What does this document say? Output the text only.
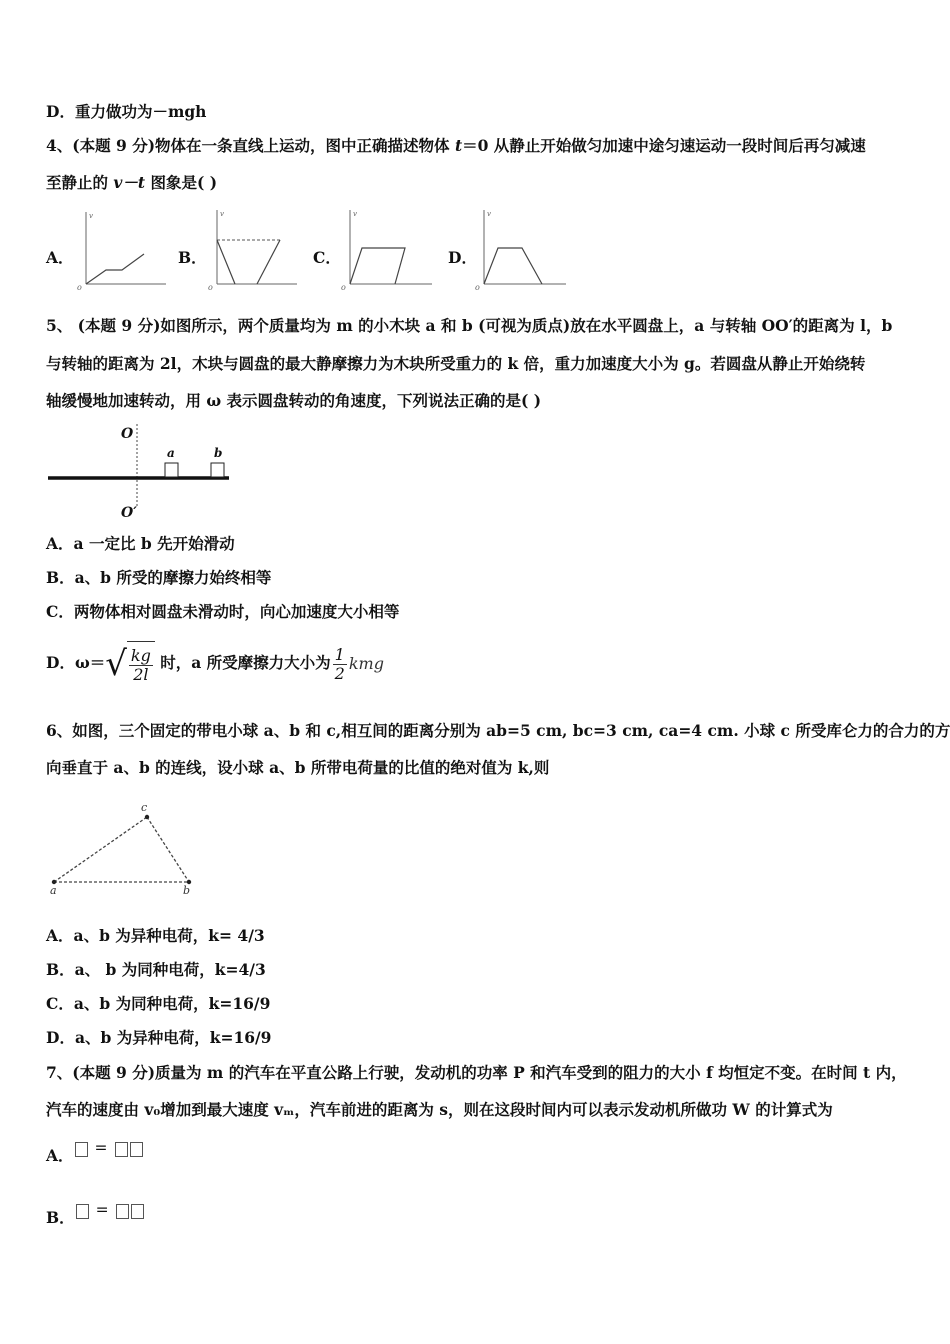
D．重力做功为－mgh
4、(本题 9 分)物体在一条直线上运动，图中正确描述物体 t＝0 从静止开始做匀加速中途匀速运动一段时间后再匀减速
至静止的 v－t 图象是( )
A．	B．	C．	D．
v
o
v
o
v
o
v
o
5、 (本题 9 分)如图所示，两个质量均为 m 的小木块 a 和 b (可视为质点)放在水平圆盘上，a 与转轴 OO′的距离为 l，b
与转轴的距离为 2l，木块与圆盘的最大静摩擦力为木块所受重力的 k 倍，重力加速度大小为 g。若圆盘从静止开始绕转
轴缓慢地加速转动，用 ω 表示圆盘转动的角速度，下列说法正确的是( )
O
O′
a	b
A．a 一定比 b 先开始滑动
B．a、b 所受的摩擦力始终相等
C．两物体相对圆盘未滑动时，向心加速度大小相等
D．ω＝ √ $\frac{kg}{2l}$ 时，a 所受摩擦力大小为 $\frac{1}{2}$ kmg
6、如图，三个固定的带电小球 a、b 和 c,相互间的距离分别为 ab=5 cm, bc=3 cm, ca=4 cm. 小球 c 所受库仑力的合力的方
向垂直于 a、b 的连线，设小球 a、b 所带电荷量的比值的绝对值为 k,则
a	b
c
A．a、b 为异种电荷，k= 4/3
B．a、 b 为同种电荷，k=4/3
C．a、b 为同种电荷，k=16/9
D．a、b 为异种电荷，k=16/9
7、(本题 9 分)质量为 m 的汽车在平直公路上行驶，发动机的功率 P 和汽车受到的阻力的大小 f 均恒定不变。在时间 t 内，
汽车的速度由 v₀增加到最大速度 vₘ，汽车前进的距离为 s，则在这段时间内可以表示发动机所做功 W 的计算式为
A． =
B． =
